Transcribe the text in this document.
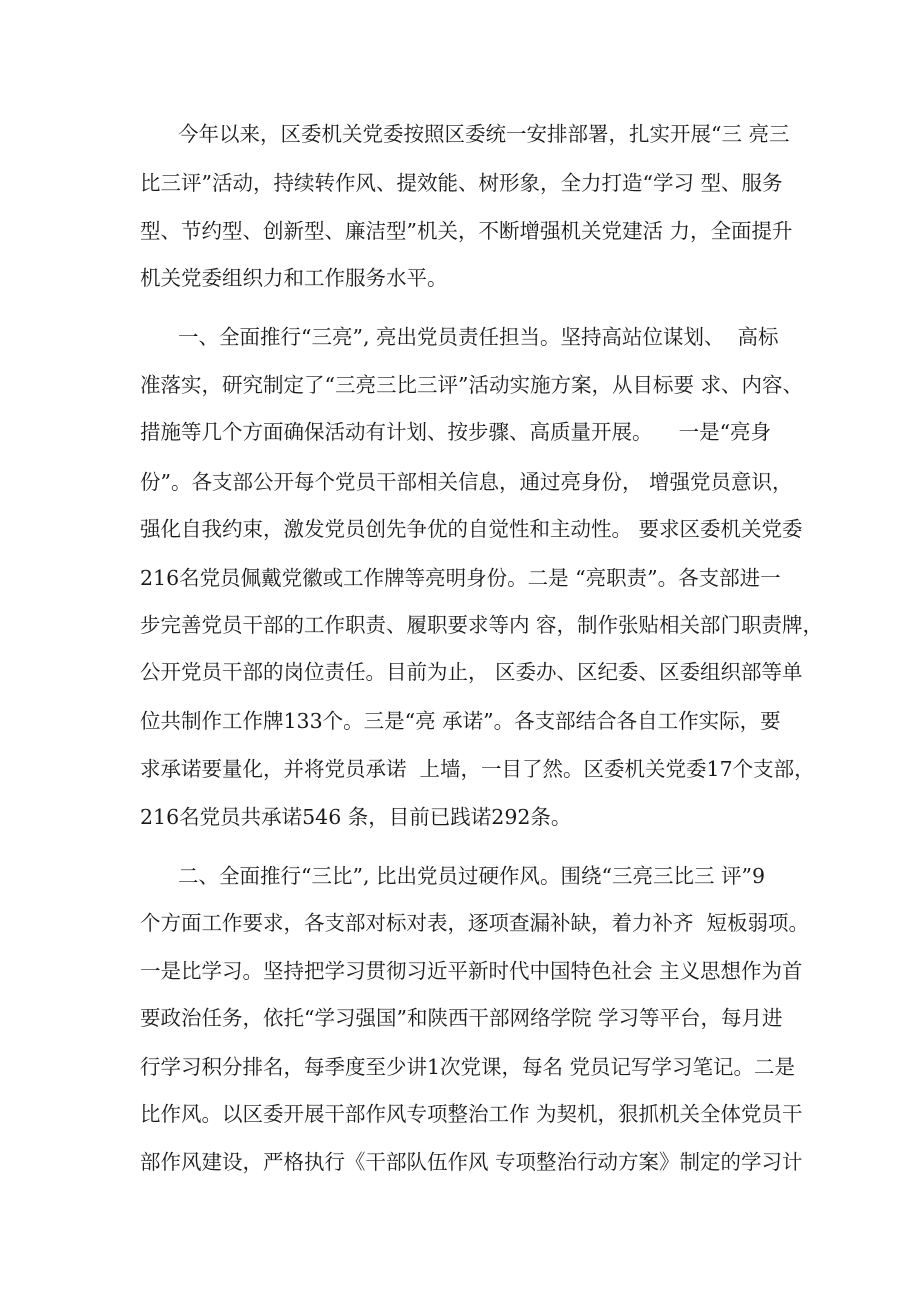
今年以来，区委机关党委按照区委统一安排部署，扎实开展“三 亮三
比三评”活动，持续转作风、提效能、树形象，全力打造“学习 型、服务
型、节约型、创新型、廉洁型”机关，不断增强机关党建活 力，全面提升
机关党委组织力和工作服务水平。
一、全面推行“三亮”, 亮出党员责任担当。坚持高站位谋划、  高标
准落实，研究制定了“三亮三比三评”活动实施方案，从目标要 求、内容、
措施等几个方面确保活动有计划、按步骤、高质量开展。    一是“亮身
份”。各支部公开每个党员干部相关信息，通过亮身份， 增强党员意识，
强化自我约束，激发党员创先争优的自觉性和主动性。 要求区委机关党委
216名党员佩戴党徽或工作牌等亮明身份。二是 “亮职责”。各支部进一
步完善党员干部的工作职责、履职要求等内 容，制作张贴相关部门职责牌，
公开党员干部的岗位责任。目前为止， 区委办、区纪委、区委组织部等单
位共制作工作牌133个。三是“亮 承诺”。各支部结合各自工作实际，要
求承诺要量化，并将党员承诺  上墙，一目了然。区委机关党委17个支部，
216名党员共承诺546 条，目前已践诺292条。
二、全面推行“三比”, 比出党员过硬作风。围绕“三亮三比三 评”9
个方面工作要求，各支部对标对表，逐项查漏补缺，着力补齐  短板弱项。
一是比学习。坚持把学习贯彻习近平新时代中国特色社会 主义思想作为首
要政治任务，依托“学习强国”和陕西干部网络学院 学习等平台，每月进
行学习积分排名，每季度至少讲1次党课，每名 党员记写学习笔记。二是
比作风。以区委开展干部作风专项整治工作 为契机，狠抓机关全体党员干
部作风建设，严格执行《干部队伍作风 专项整治行动方案》制定的学习计
